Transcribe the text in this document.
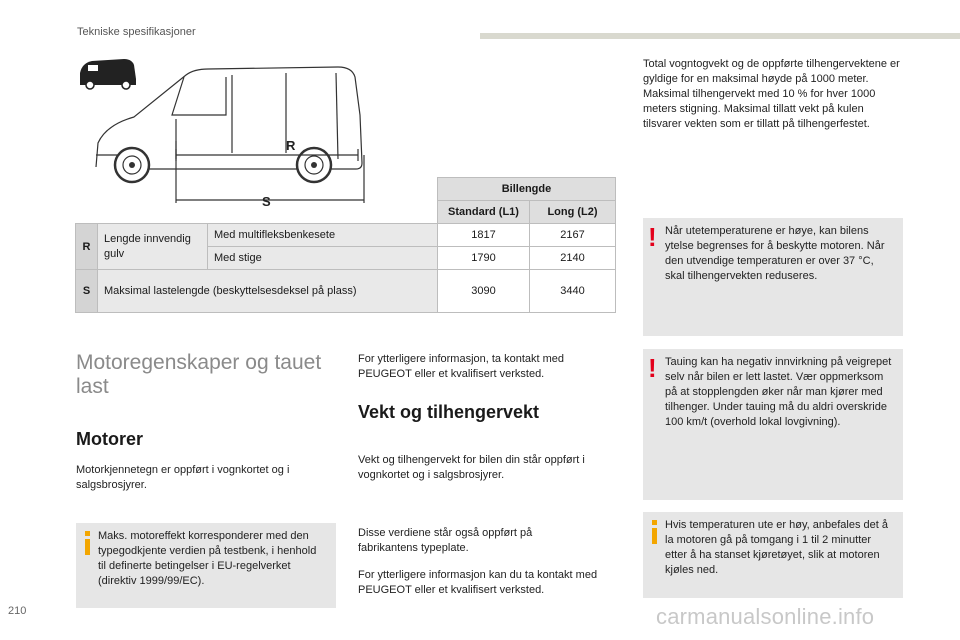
Tekniske spesifikasjoner
R
S
			Billengde	
			Standard (L1)	Long (L2)
R	Lengde innvendig gulv	Med multifleksbenkesete	1817	2167
		Med stige	1790	2140
S	Maksimal lastelengde (beskyttelsesdeksel på plass)		3090	3440
Motoregenskaper og tauet last
Motorer
Motorkjennetegn er oppført i vognkortet og i salgsbrosjyrer.
Maks. motoreffekt korresponderer med den typegodkjente verdien på testbenk, i henhold til definerte betingelser i EU-regelverket (direktiv 1999/99/EC).
For ytterligere informasjon, ta kontakt med PEUGEOT eller et kvalifisert verksted.
Vekt og tilhengervekt
Vekt og tilhengervekt for bilen din står oppført i vognkortet og i salgsbrosjyrer.
Disse verdiene står også oppført på fabrikantens typeplate.
For ytterligere informasjon kan du ta kontakt med PEUGEOT eller et kvalifisert verksted.
Total vogntogvekt og de oppførte tilhengervektene er gyldige for en maksimal høyde på 1000 meter. Maksimal tilhengervekt med 10 % for hver 1000 meters stigning. Maksimal tillatt vekt på kulen tilsvarer vekten som er tillatt på tilhengerfestet.
! Når utetemperaturene er høye, kan bilens ytelse begrenses for å beskytte motoren. Når den utvendige temperaturen er over 37 °C, skal tilhengervekten reduseres.
! Tauing kan ha negativ innvirkning på veigrepet selv når bilen er lett lastet. Vær oppmerksom på at stopplengden øker når man kjører med tilhenger. Under tauing må du aldri overskride 100 km/t (overhold lokal lovgivning).
Hvis temperaturen ute er høy, anbefales det å la motoren gå på tomgang i 1 til 2 minutter etter å ha stanset kjøretøyet, slik at motoren kjøles ned.
210	carmanualsonline.info
